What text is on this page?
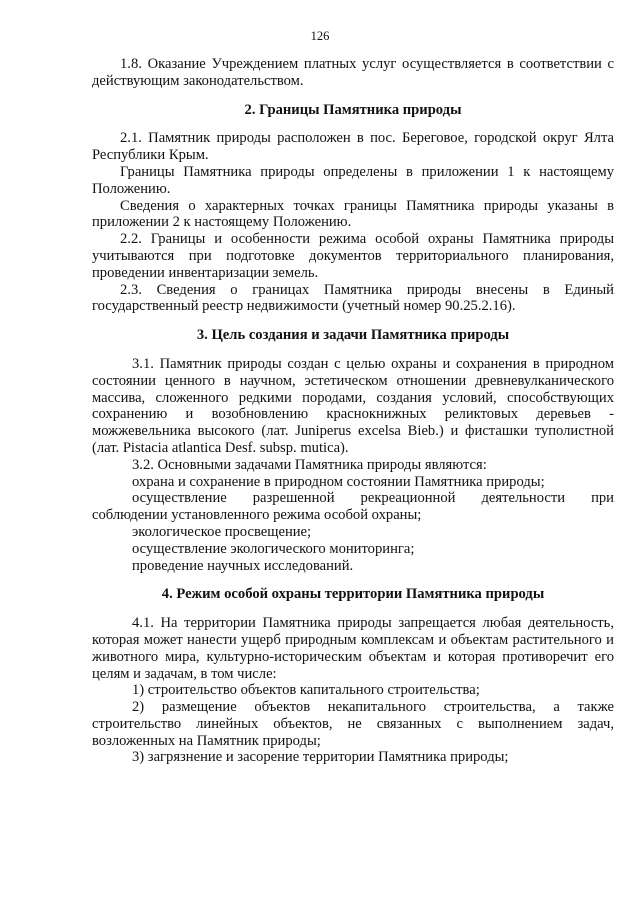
126

1.8. Оказание Учреждением платных услуг осуществляется в соответствии с действующим законодательством.

2. Границы Памятника природы

2.1. Памятник природы расположен в пос. Береговое, городской округ Ялта Республики Крым.

Границы Памятника природы определены в приложении 1 к настоящему Положению.

Сведения о характерных точках границы Памятника природы указаны в приложении 2 к настоящему Положению.

2.2. Границы и особенности режима особой охраны Памятника природы учитываются при подготовке документов территориального планирования, проведении инвентаризации земель.

2.3. Сведения о границах Памятника природы внесены в Единый государственный реестр недвижимости (учетный номер 90.25.2.16).

3. Цель создания и задачи Памятника природы

3.1. Памятник природы создан с целью охраны и сохранения в природном состоянии ценного в научном, эстетическом отношении древневулканического массива, сложенного редкими породами, создания условий, способствующих сохранению и возобновлению краснокнижных реликтовых деревьев - можжевельника высокого (лат. Juniperus excelsa Bieb.) и фисташки туполистной (лат. Pistacia atlantica Desf. subsp. mutica).

3.2. Основными задачами Памятника природы являются:

охрана и сохранение в природном состоянии Памятника природы;

осуществление разрешенной рекреационной деятельности при

соблюдении установленного режима особой охраны;

экологическое просвещение;

осуществление экологического мониторинга;

проведение научных исследований.

4. Режим особой охраны территории Памятника природы

4.1. На территории Памятника природы запрещается любая деятельность, которая может нанести ущерб природным комплексам и объектам растительного и животного мира, культурно-историческим объектам и которая противоречит его целям и задачам, в том числе:

1) строительство объектов капитального строительства;

2) размещение объектов некапитального строительства, а также строительство линейных объектов, не связанных с выполнением задач, возложенных на Памятник природы;

3) загрязнение и засорение территории Памятника природы;
